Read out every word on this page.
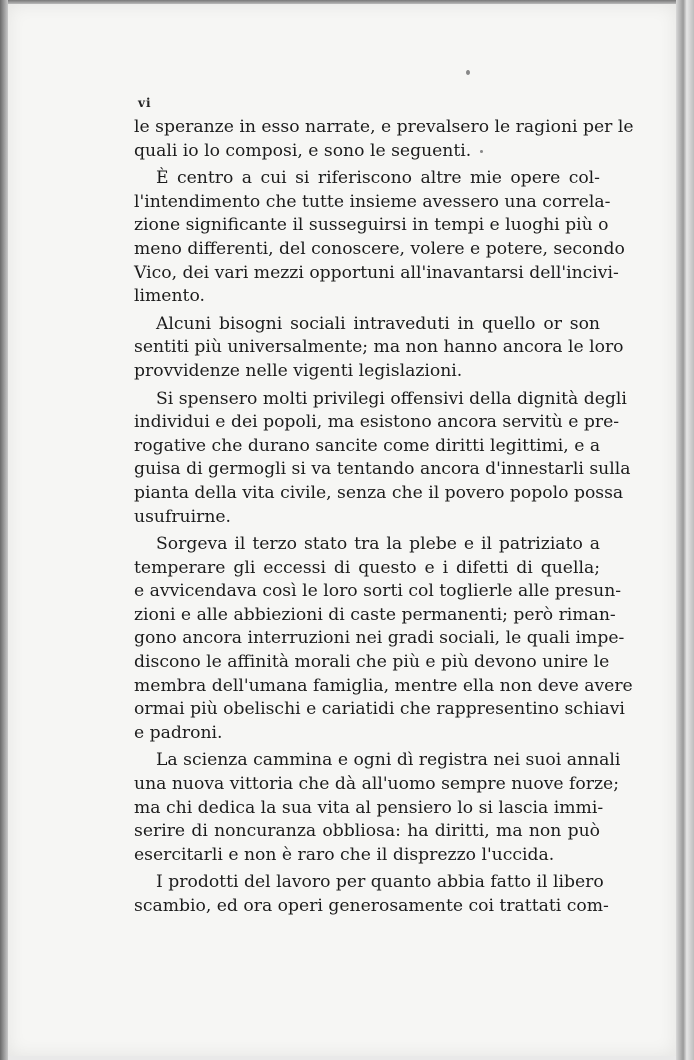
vi
le speranze in esso narrate, e prevalsero le ragioni per le
quali io lo composi, e sono le seguenti.
È centro a cui si riferiscono altre mie opere col-
l'intendimento che tutte insieme avessero una correla-
zione significante il susseguirsi in tempi e luoghi più o
meno differenti, del conoscere, volere e potere, secondo
Vico, dei vari mezzi opportuni all'inavantarsi dell'incivi-
limento.
Alcuni bisogni sociali intraveduti in quello or son
sentiti più universalmente; ma non hanno ancora le loro
provvidenze nelle vigenti legislazioni.
Si spensero molti privilegi offensivi della dignità degli
individui e dei popoli, ma esistono ancora servitù e pre-
rogative che durano sancite come diritti legittimi, e a
guisa di germogli si va tentando ancora d'innestarli sulla
pianta della vita civile, senza che il povero popolo possa
usufruirne.
Sorgeva il terzo stato tra la plebe e il patriziato a
temperare gli eccessi di questo e i difetti di quella;
e avvicendava così le loro sorti col toglierle alle presun-
zioni e alle abbiezioni di caste permanenti; però riman-
gono ancora interruzioni nei gradi sociali, le quali impe-
discono le affinità morali che più e più devono unire le
membra dell'umana famiglia, mentre ella non deve avere
ormai più obelischi e cariatidi che rappresentino schiavi
e padroni.
La scienza cammina e ogni dì registra nei suoi annali
una nuova vittoria che dà all'uomo sempre nuove forze;
ma chi dedica la sua vita al pensiero lo si lascia immi-
serire di noncuranza obbliosa: ha diritti, ma non può
esercitarli e non è raro che il disprezzo l'uccida.
I prodotti del lavoro per quanto abbia fatto il libero
scambio, ed ora operi generosamente coi trattati com-
